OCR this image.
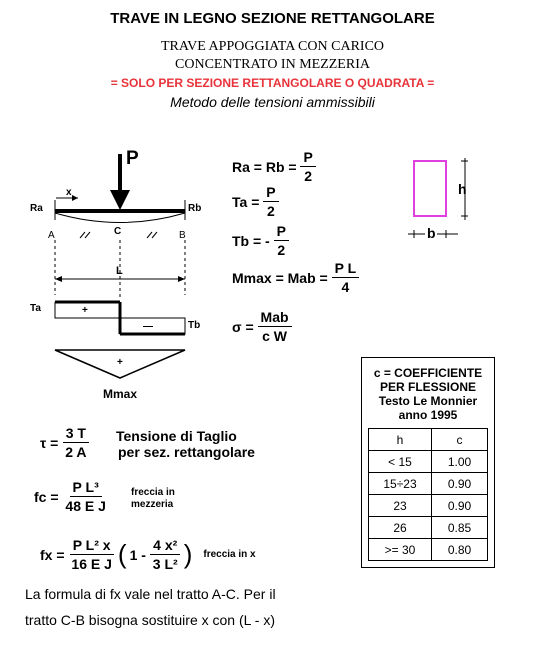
TRAVE IN LEGNO SEZIONE RETTANGOLARE
TRAVE APPOGGIATA CON CARICO
CONCENTRATO IN MEZZERIA
= SOLO PER SEZIONE RETTANGOLARE O QUADRATA =
Metodo delle tensioni ammissibili
P
x
Ra	Rb
A	C	B
L
Ta
Tb
+
—
+
Mmax
h
b
Ra = Rb =
$\frac{P}{2}$
Ta =
$\frac{P}{2}$
Tb = -
$\frac{P}{2}$
Mmax = Mab =
$\frac{\text{P L}}{4}$
σ =
$\frac{\text{Mab}}{\text{c W}}$
c = COEFFICIENTE
PER FLESSIONE
Testo Le Monnier
anno 1995
h	c
< 15	1.00
15÷23	0.90
23	0.90
26	0.85
>= 30	0.80
τ =
$\frac{3 T}{2 A}$ Tensione di Taglio
per sez. rettangolare
fc =
$\frac{\text{P L³}}{\text{48 E J}}$ freccia in
mezzeria
fx =
$\frac{\text{P L² x}}{\text{16 E J}}$ ( 1 -
$\frac{\text{4 x²}}{\text{3 L²}}$ ) freccia in x
La formula di fx vale nel tratto A-C. Per il
tratto C-B bisogna sostituire x con (L - x)
